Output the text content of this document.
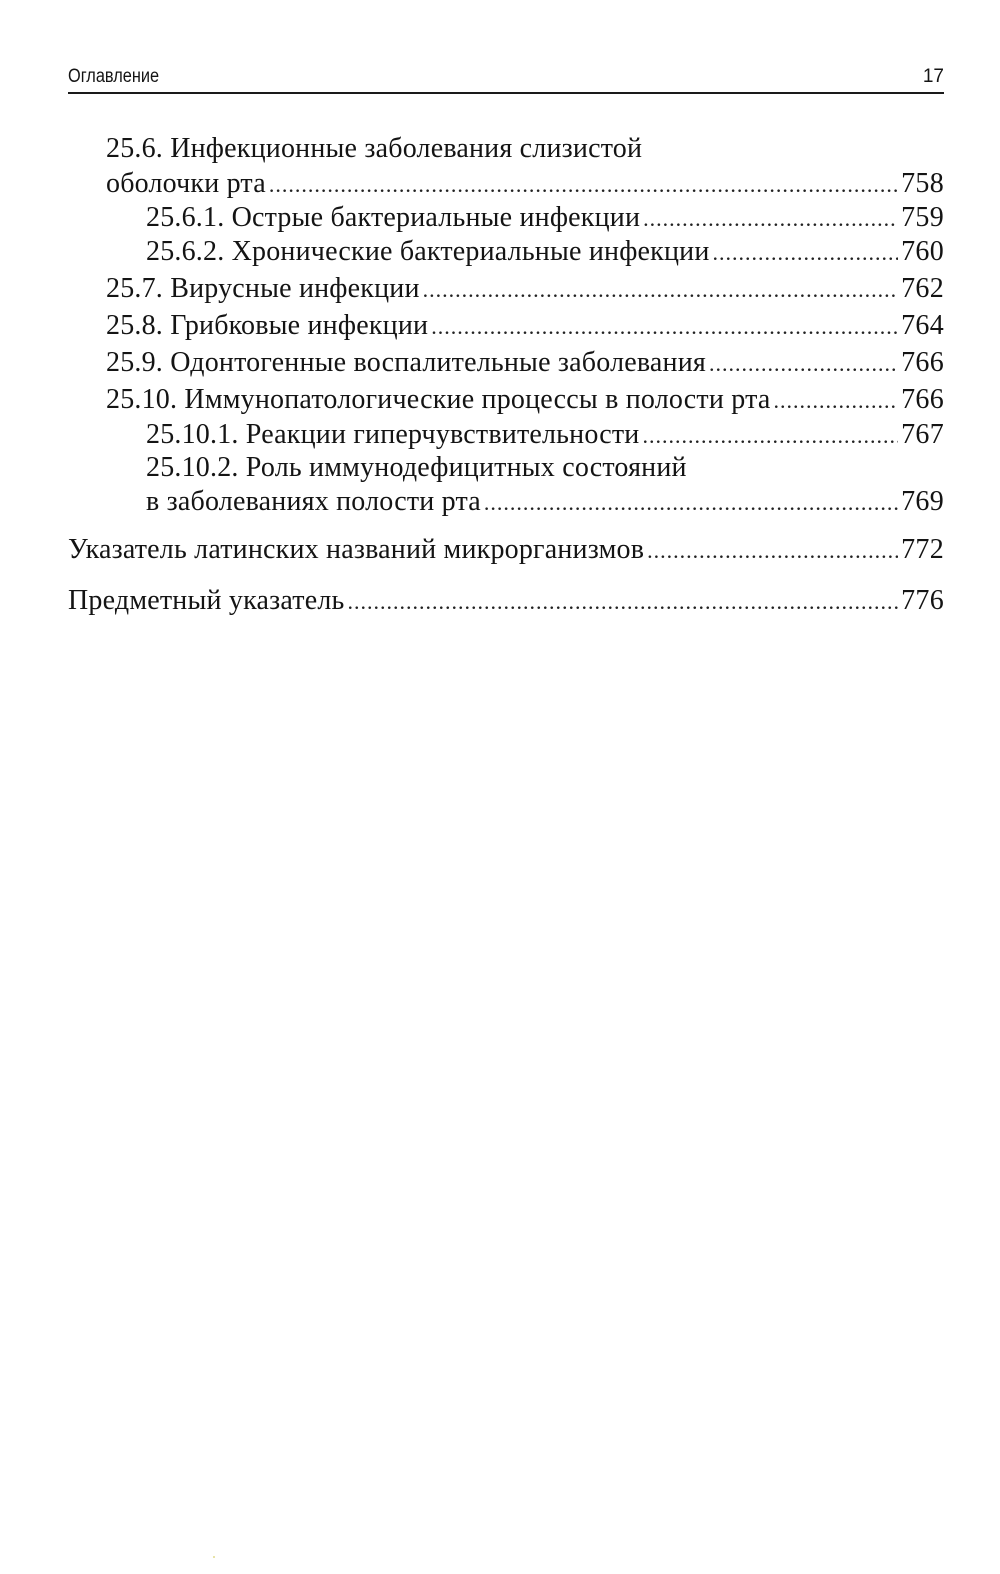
Оглавление	17
25.6. Инфекционные заболевания слизистой
оболочки рта .....	758
25.6.1. Острые бактериальные инфекции .....	759
25.6.2. Хронические бактериальные инфекции .....	760
25.7. Вирусные инфекции .....	762
25.8. Грибковые инфекции .....	764
25.9. Одонтогенные воспалительные заболевания .....	766
25.10. Иммунопатологические процессы в полости рта .....	766
25.10.1. Реакции гиперчувствительности .....	767
25.10.2. Роль иммунодефицитных состояний
в заболеваниях полости рта .....	769
Указатель латинских названий микрорганизмов .....	772
Предметный указатель .....	776
